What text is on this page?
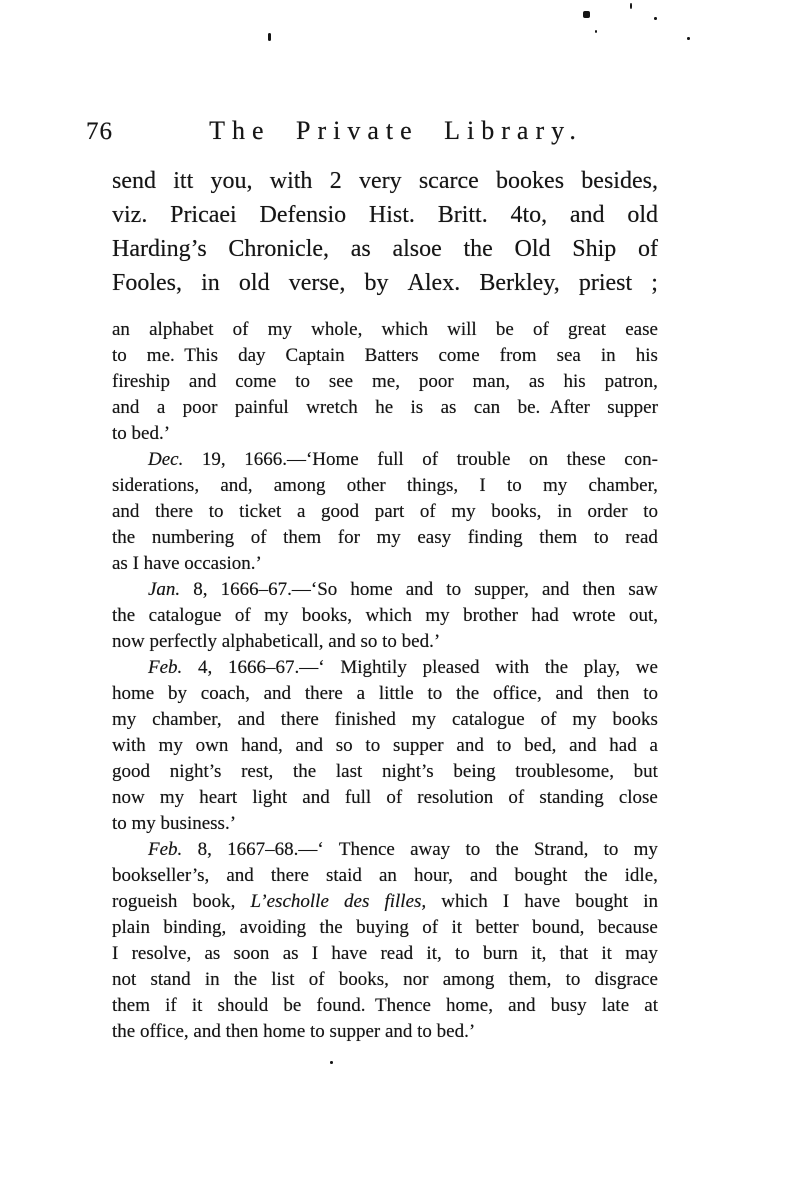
76	The Private Library.
send itt you, with 2 very scarce bookes besides,
viz. Pricaei Defensio Hist. Britt. 4to, and old
Harding’s Chronicle, as alsoe the Old Ship of
Fooles, in old verse, by Alex. Berkley, priest ;
an alphabet of my whole, which will be of great ease
to me. This day Captain Batters come from sea in his
fireship and come to see me, poor man, as his patron,
and a poor painful wretch he is as can be. After supper
to bed.’
Dec. 19, 1666.—‘Home full of trouble on these con-
siderations, and, among other things, I to my chamber,
and there to ticket a good part of my books, in order to
the numbering of them for my easy finding them to read
as I have occasion.’
Jan. 8, 1666–67.—‘So home and to supper, and then saw
the catalogue of my books, which my brother had wrote out,
now perfectly alphabeticall, and so to bed.’
Feb. 4, 1666–67.—‘ Mightily pleased with the play, we
home by coach, and there a little to the office, and then to
my chamber, and there finished my catalogue of my books
with my own hand, and so to supper and to bed, and had a
good night’s rest, the last night’s being troublesome, but
now my heart light and full of resolution of standing close
to my business.’
Feb. 8, 1667–68.—‘ Thence away to the Strand, to my
bookseller’s, and there staid an hour, and bought the idle,
rogueish book, L’escholle des filles, which I have bought in
plain binding, avoiding the buying of it better bound, because
I resolve, as soon as I have read it, to burn it, that it may
not stand in the list of books, nor among them, to disgrace
them if it should be found. Thence home, and busy late at
the office, and then home to supper and to bed.’
